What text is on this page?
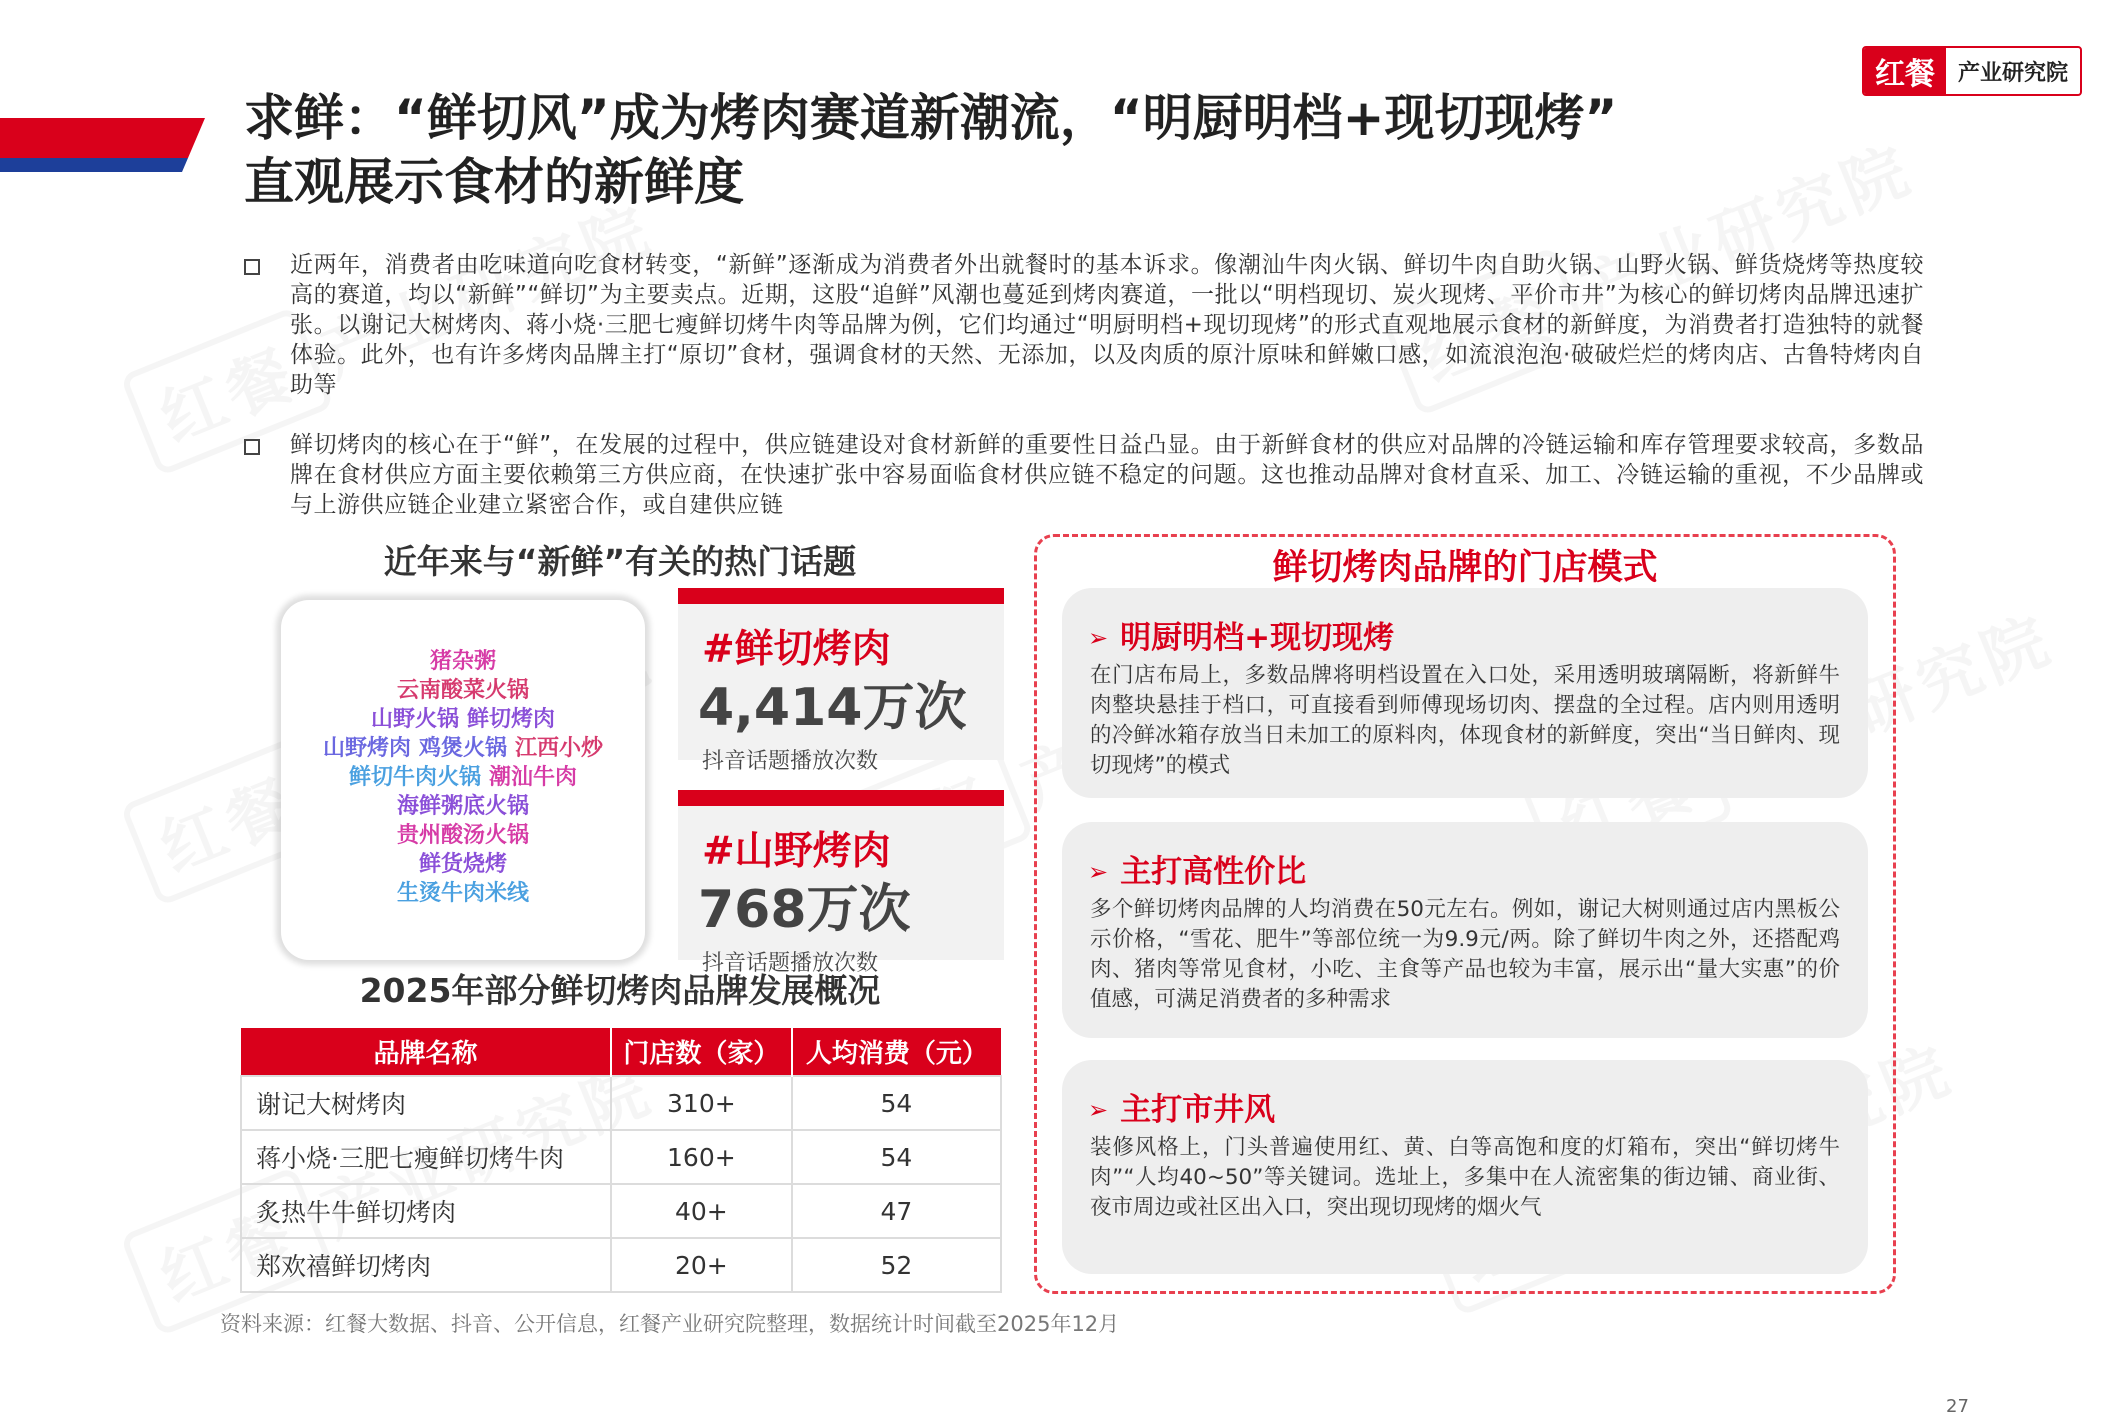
红餐	产业研究院
求鲜：“鲜切风”成为烤肉赛道新潮流，“明厨明档+现切现烤”
直观展示食材的新鲜度
近两年，消费者由吃味道向吃食材转变，“新鲜”逐渐成为消费者外出就餐时的基本诉求。像潮汕牛肉火锅、鲜切牛肉自助火锅、山野火锅、鲜货烧烤等热度较高的赛道，均以“新鲜”“鲜切”为主要卖点。近期，这股“追鲜”风潮也蔓延到烤肉赛道，一批以“明档现切、炭火现烤、平价市井”为核心的鲜切烤肉品牌迅速扩张。以谢记大树烤肉、蒋小烧·三肥七瘦鲜切烤牛肉等品牌为例，它们均通过“明厨明档+现切现烤”的形式直观地展示食材的新鲜度，为消费者打造独特的就餐体验。此外，也有许多烤肉品牌主打“原切”食材，强调食材的天然、无添加，以及肉质的原汁原味和鲜嫩口感，如流浪泡泡·破破烂烂的烤肉店、古鲁特烤肉自助等
鲜切烤肉的核心在于“鲜”，在发展的过程中，供应链建设对食材新鲜的重要性日益凸显。由于新鲜食材的供应对品牌的冷链运输和库存管理要求较高，多数品牌在食材供应方面主要依赖第三方供应商，在快速扩张中容易面临食材供应链不稳定的问题。这也推动品牌对食材直采、加工、冷链运输的重视，不少品牌或与上游供应链企业建立紧密合作，或自建供应链
近年来与“新鲜”有关的热门话题
猪杂粥
云南酸菜火锅
山野火锅 鲜切烤肉
山野烤肉 鸡煲火锅 江西小炒
鲜切牛肉火锅 潮汕牛肉
海鲜粥底火锅
贵州酸汤火锅
鲜货烧烤
生烫牛肉米线
#鲜切烤肉
4,414万次
抖音话题播放次数
#山野烤肉
768万次
抖音话题播放次数
2025年部分鲜切烤肉品牌发展概况
品牌名称	门店数（家）	人均消费（元）
谢记大树烤肉	310+	54
蒋小烧·三肥七瘦鲜切烤牛肉	160+	54
炙热牛牛鲜切烤肉	40+	47
郑欢禧鲜切烤肉	20+	52
资料来源：红餐大数据、抖音、公开信息，红餐产业研究院整理，数据统计时间截至2025年12月
鲜切烤肉品牌的门店模式
➢ 明厨明档+现切现烤
在门店布局上，多数品牌将明档设置在入口处，采用透明玻璃隔断，将新鲜牛肉整块悬挂于档口，可直接看到师傅现场切肉、摆盘的全过程。店内则用透明的冷鲜冰箱存放当日未加工的原料肉，体现食材的新鲜度，突出“当日鲜肉、现切现烤”的模式
➢ 主打高性价比
多个鲜切烤肉品牌的人均消费在50元左右。例如，谢记大树则通过店内黑板公示价格，“雪花、肥牛”等部位统一为9.9元/两。除了鲜切牛肉之外，还搭配鸡肉、猪肉等常见食材，小吃、主食等产品也较为丰富，展示出“量大实惠”的价值感，可满足消费者的多种需求
➢ 主打市井风
装修风格上，门头普遍使用红、黄、白等高饱和度的灯箱布，突出“鲜切烤牛肉”“人均40~50”等关键词。选址上，多集中在人流密集的街边铺、商业街、夜市周边或社区出入口，突出现切现烤的烟火气
27
